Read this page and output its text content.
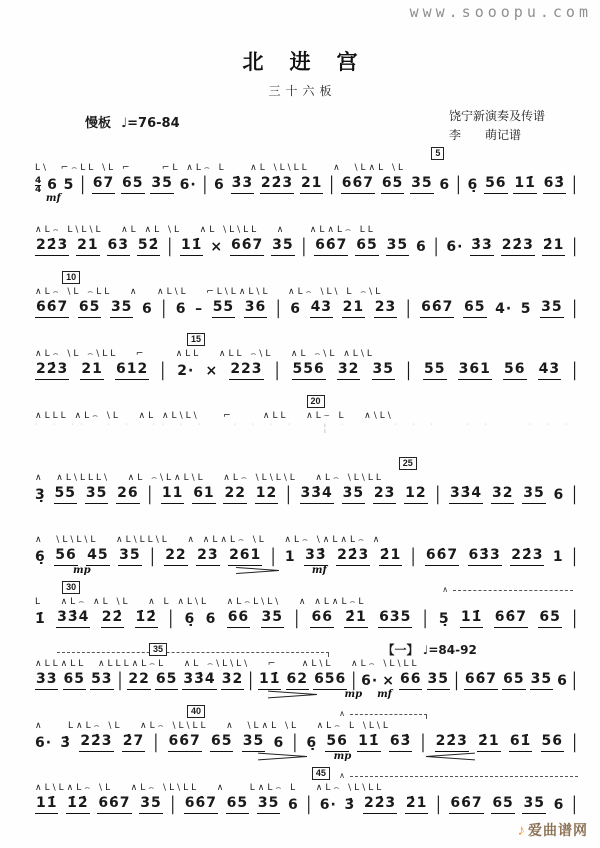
www.sooopu.com
北进宫
三十六板
慢板 ♩=76-84	饶宁新演奏及传谱
李　　萌记谱
5
L\  ⌐⌢LL \L ⌐     ⌐L ∧L⌢ L    ∧L \L\LL    ∧  \L∧L \L
$\frac{4}{4} 6$ 5 | 67 65 35 6· | 6 3̇3 22̇3 21 | 66̇7 65 35 6 | 6̣ 56 11̇ 63̇ |
mf
∧L⌢ L\L\L   ∧L ∧L \L   ∧L \L\LL   ∧    ∧L∧L⌢ LL
22̇3 21 63 52̇ | 11̇ × 66̇7 35 | 66̇7 65 35 6 | 6· 3̇3 22̇3 2̇1 |
10
∧L⌢ \L ⌢LL   ∧   ∧L\L   ⌐L\L∧L\L   ∧L⌢ \L\ L ⌢\L
66̇7 65 35 6 | 6 – 55 36 | 6 43 21 23 | 66̇7 65 4· 5 35 |
15
∧L⌢ \L ⌢\LL   ⌐     ∧LL   ∧LL ⌢\L   ∧L ⌢\L ∧L\L
22̇3 21 612 | 2· × 223 | 556 32 35 | 55 361 56 43 |
20
∧LLL ∧L⌢ \L   ∧L ∧L\L\    ⌐     ∧LL   ∧L⌣ L   ∧\L\
˙ ˙ ˙˙  ˙ ˙  ˙˙ ˙ ˙   ˙ ˙ ˙ ˙   ¦ ˙     ˙ ˙ ˙   ˙ ˙    ˙ ˙ ˙
25
∧  ∧L\LLL\   ∧L ⌢\L∧L\L   ∧L⌢ \L\L\L   ∧L⌢ \L\LL
3̣ 55 35 26 | 11 61 22 12 | 33̇4 35 23 12 | 33̇4 32 35 6 |
∧  \L\L\L   ∧L\LL\L   ∧ ∧L∧L⌢ \L   ∧L⌢ \∧L∧L⌢ ∧
6̣ 56 45 35 | 22 23 261 | 1 33̇ 22̇3 2̇1 | 66̇7 63̇3 22̇3 1 |
mp	mf
∧
30
L   ∧L⌢ ∧L \L   ∧ L ∧L\L   ∧L⌢L\L\   ∧ ∧L∧L⌢L
1̇ 33̇4 22̇ 1̇2̇ | 6̣ 6 66 35 | 66 2̇1 635 | 5̣ 11̇ 66̇7 65 |
35	【一】 ♩=84-92
∧LL∧LL  ∧LLL∧L⌢L   ∧L ⌢\L\L\   ⌐    ∧L\L   ∧L⌢ \L\LL
33 65 53 | 22 65 33̇4 32 | 11̇ 62 656 | 6· × 66 35 | 66̇7 65 35 6 |
mp mf
∧
40
∧    L∧L⌢ \L   ∧L⌢ \L\LL   ∧  \L∧L \L   ∧L⌢ L \L\L
6· 3̇ 22̇3 2̇7 | 66̇7 65 35 6 | 6̣ 56 11̇ 63̇ | 22̇3 2̇1 61̇ 56 |
mp
∧
45
∧L\L∧L⌢ \L   ∧L⌢ \L\LL   ∧    L∧L⌢ L   ∧L⌢ \L\LL
11̇ 1̇2̇ 66̇7 35 | 66̇7 65 35 6 | 6· 3̇ 22̇3 2̇1 | 66̇7 65 35 6 |
♪ 爱曲谱网
